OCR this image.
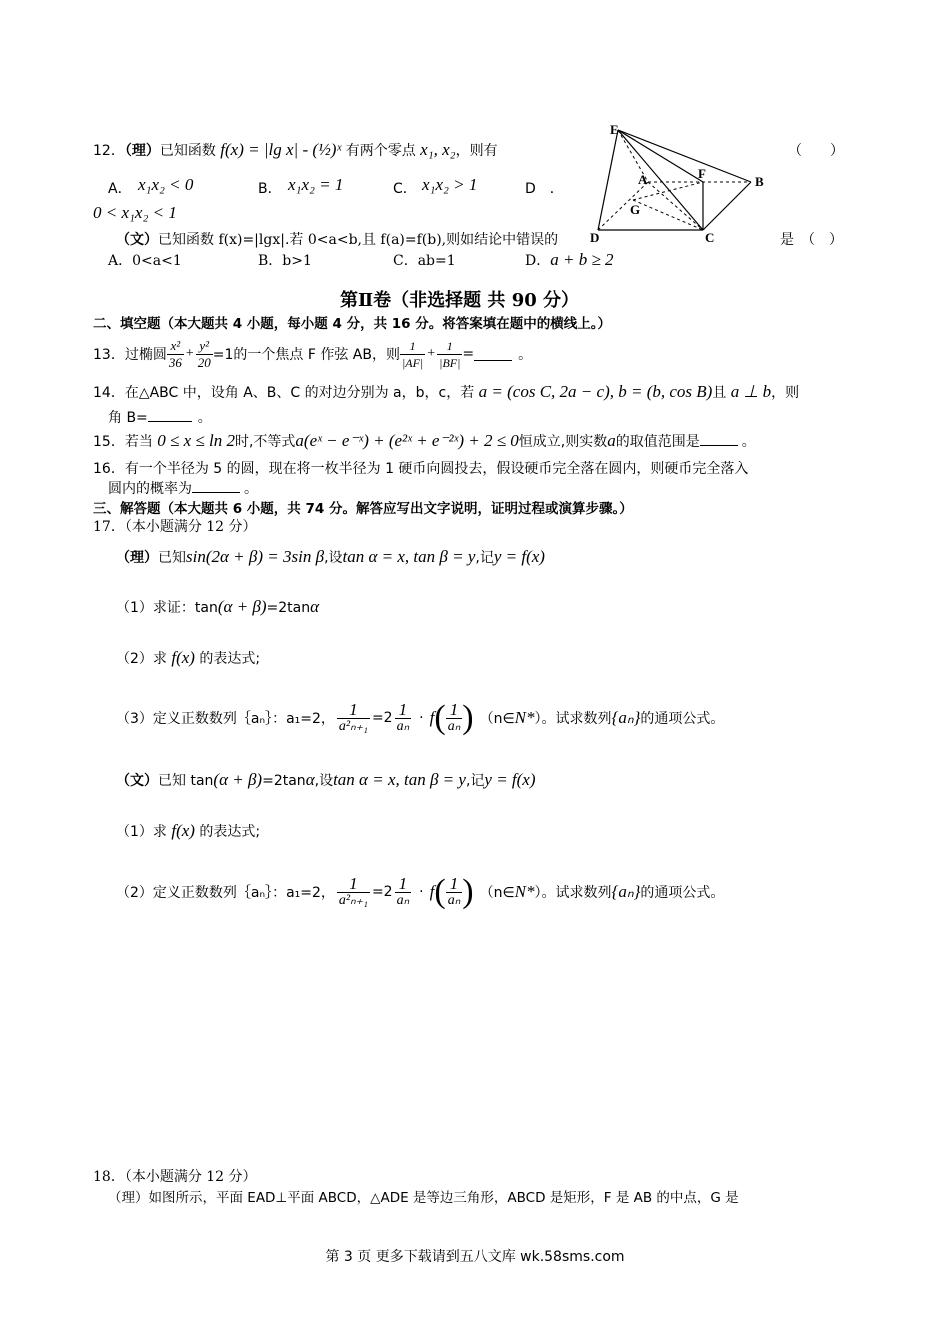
12．（理）已知函数 f(x) = |lg x| - (½)ˣ 有两个零点 x₁, x₂，则有	（　　）
A． x₁x₂ < 0	B． x₁x₂ = 1	C． x₁x₂ > 1	D　．
0 < x₁x₂ < 1
（文）已知函数 f(x)=|lgx|.若 0<a<b,且 f(a)=f(b),则如结论中错误的	是　（　）
A．0<a<1	B．b>1	C．ab=1	D．a + b ≥ 2
E
A	F
B
G
D	C
第Ⅱ卷（非选择题 共 90 分）
二、填空题（本大题共 4 小题，每小题 4 分，共 16 分。将答案填在题中的横线上。）
13．过椭圆 $\frac{\text{x²}}{36} + \frac{\text{y²}}{20} =1$的一个焦点 F 作弦 AB，则 $\frac{1}{|AF|} + \frac{1}{|BF|}$ =	。
14．在△ABC 中，设角 A、B、C 的对边分别为 a，b，c，若 a = (cos C, 2a − c), b = (b, cos B)且 a ⊥ b，则
角 B=	。
15．若当 0 ≤ x ≤ ln 2时,不等式a(eˣ − e⁻ˣ) + (e²ˣ + e⁻²ˣ) + 2 ≤ 0恒成立,则实数a的取值范围是	。
16．有一个半径为 5 的圆，现在将一枚半径为 1 硬币向圆投去，假设硬币完全落在圆内，则硬币完全落入
圆内的概率为	。
三、解答题（本大题共 6 小题，共 74 分。解答应写出文字说明，证明过程或演算步骤。）
17．（本小题满分 12 分）
（理）已知sin(2α + β) = 3sin β,设tan α = x, tan β = y,记y = f(x)
（1）求证：tan(α + β)=2tanα
（2）求 f(x) 的表达式;
（3）定义正数数列｛aₙ｝：a₁=2， $\frac{1}{\text{a²ₙ₊₁}} =2 \frac{1}{\text{aₙ}} \cdot f$ ( $\frac{1}{\text{aₙ}}$ ) （n∈ N* ）。试求数列 {aₙ} 的通项公式。
（文）已知 tan(α + β)=2tanα,设tan α = x, tan β = y,记y = f(x)
（1）求 f(x) 的表达式;
（2）定义正数数列｛aₙ｝：a₁=2， $\frac{1}{\text{a²ₙ₊₁}} =2 \frac{1}{\text{aₙ}} \cdot f$ ( $\frac{1}{\text{aₙ}}$ ) （n∈ N* ）。试求数列 {aₙ} 的通项公式。
18．（本小题满分 12 分）
（理）如图所示，平面 EAD⊥平面 ABCD，△ADE 是等边三角形，ABCD 是矩形，F 是 AB 的中点，G 是
第 3 页 更多下载请到五八文库 wk.58sms.com
